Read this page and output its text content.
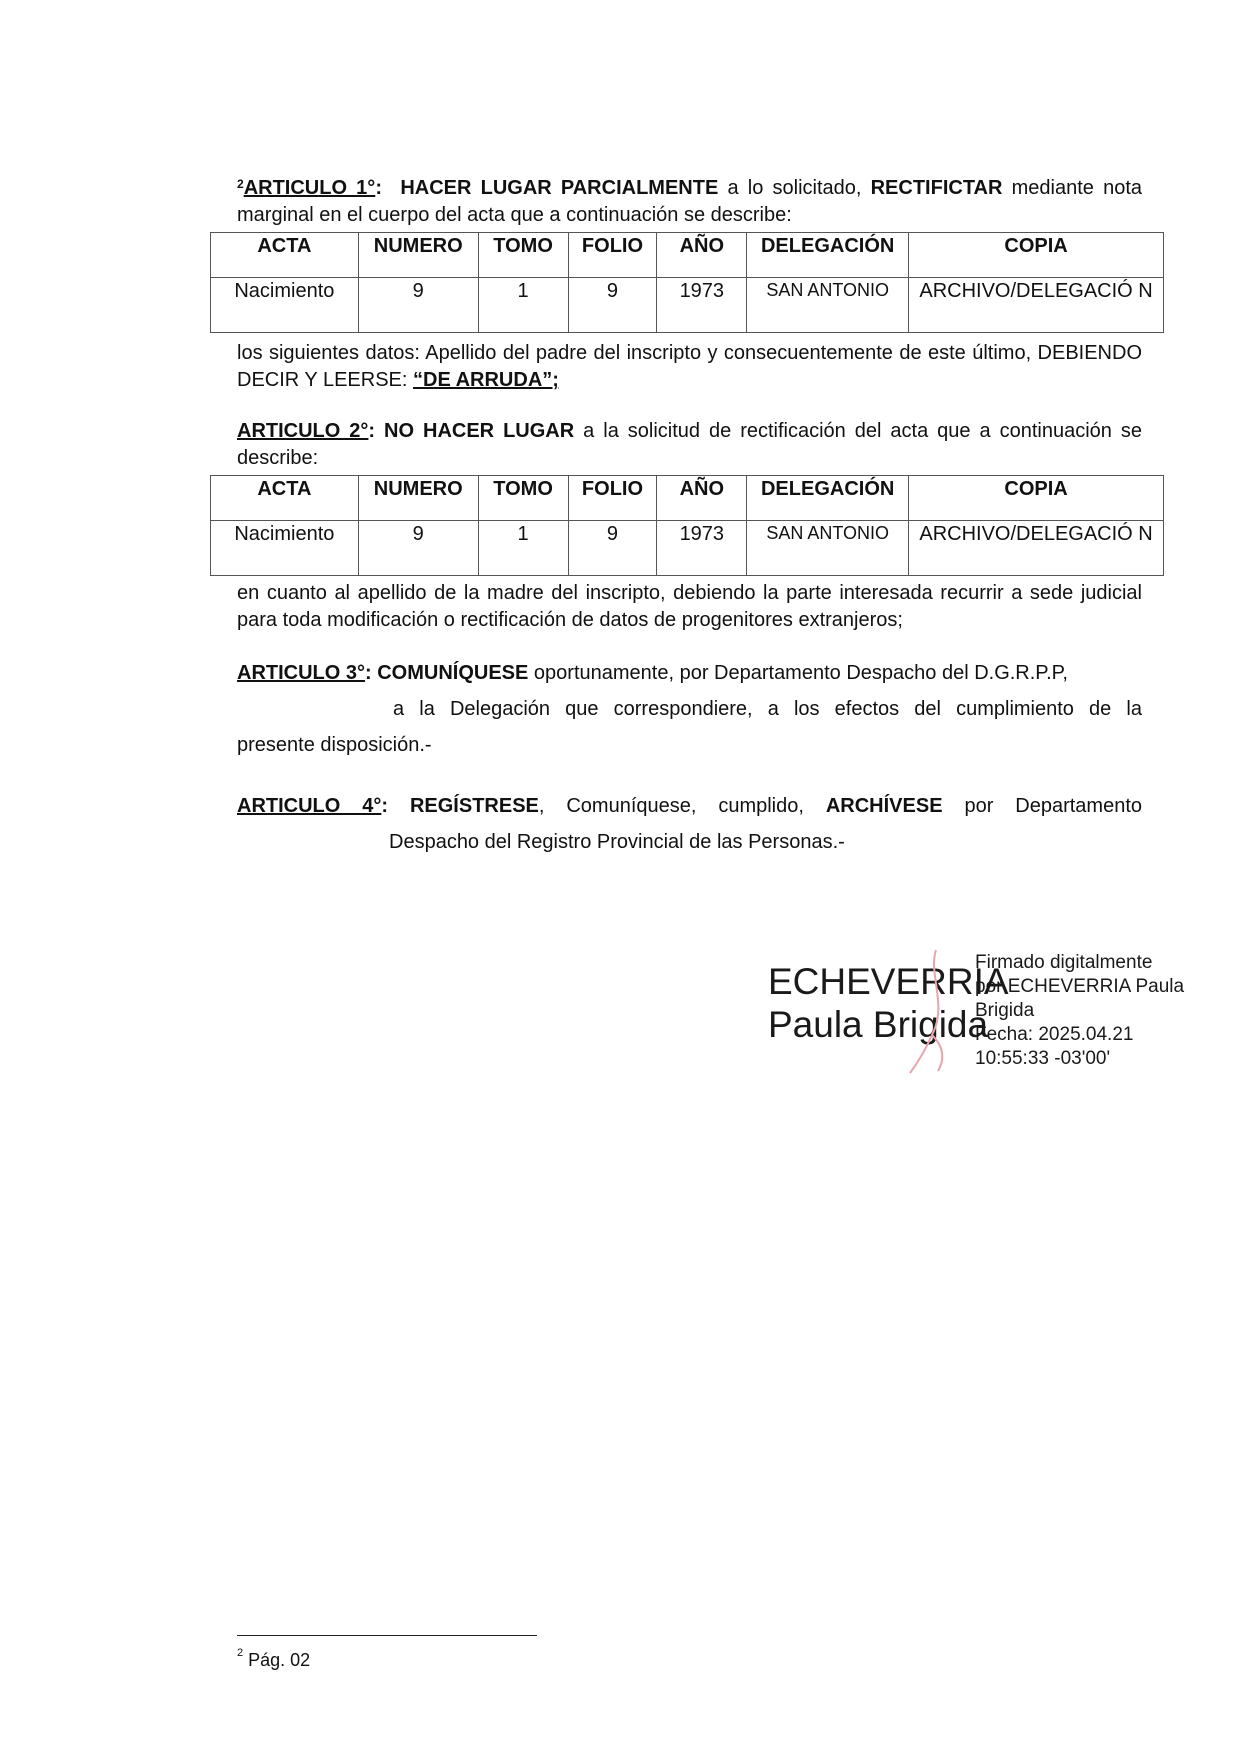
$^2$ARTICULO 1°: HACER LUGAR PARCIALMENTE a lo solicitado, RECTIFICTAR mediante nota marginal en el cuerpo del acta que a continuación se describe:
ACTA	NUMERO	TOMO	FOLIO	AÑO	DELEGACIÓN	COPIA
Nacimiento	9	1	9	1973	SAN ANTONIO	ARCHIVO/DELEGACIÓ N
los siguientes datos: Apellido del padre del inscripto y consecuentemente de este último, DEBIENDO DECIR Y LEERSE: “DE ARRUDA”;
ARTICULO 2°: NO HACER LUGAR a la solicitud de rectificación del acta que a continuación se describe:
ACTA	NUMERO	TOMO	FOLIO	AÑO	DELEGACIÓN	COPIA
Nacimiento	9	1	9	1973	SAN ANTONIO	ARCHIVO/DELEGACIÓ N
en cuanto al apellido de la madre del inscripto, debiendo la parte interesada recurrir a sede judicial para toda modificación o rectificación de datos de progenitores extranjeros;
ARTICULO 3°: COMUNÍQUESE oportunamente, por Departamento Despacho del D.G.R.P.P,
a la Delegación que correspondiere, a los efectos del cumplimiento de la
presente disposición.-
ARTICULO 4°: REGÍSTRESE, Comuníquese, cumplido, ARCHÍVESE por Departamento
Despacho del Registro Provincial de las Personas.-
ECHEVERRIA
Paula Brigida
Firmado digitalmente
por ECHEVERRIA Paula
Brigida
Fecha: 2025.04.21
10:55:33 -03'00'
$^2$ Pág. 02
